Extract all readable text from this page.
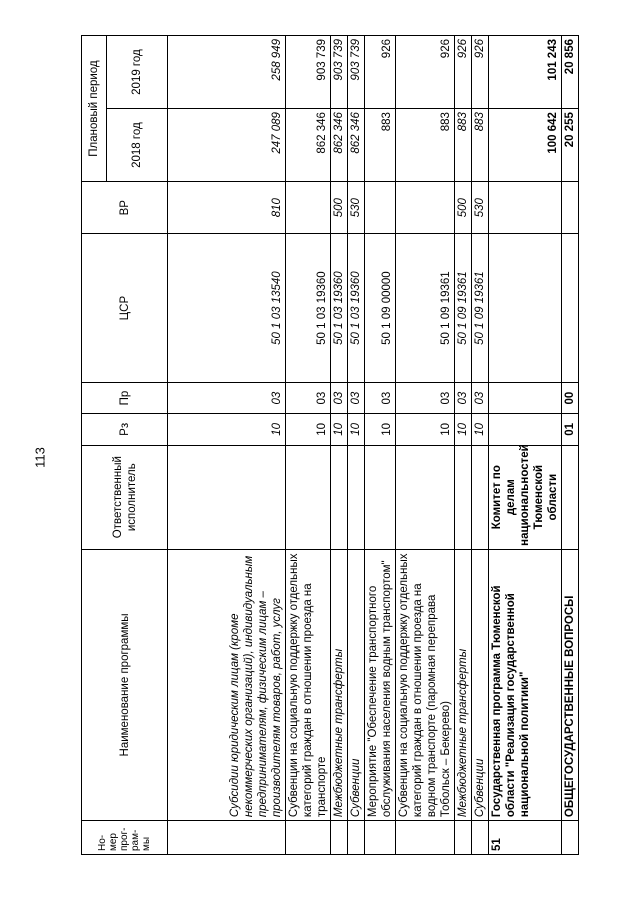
113
Но-
мер
прог-
рам-
мы	Наименование программы	Ответственный исполнитель	Рз	Пр	ЦСР	ВР	Плановый период	
							2018 год	2019 год
	Субсидии юридическим лицам (кроме некоммерческих организаций), индивидуальным предпринимателям, физическим лицам – производителям товаров, работ, услуг		10	03	50 1 03 13540	810	247 089	258 949
	Субвенции на социальную поддержку отдельных категорий граждан в отношении проезда на транспорте		10	03	50 1 03 19360		862 346	903 739
	Межбюджетные трансферты		10	03	50 1 03 19360	500	862 346	903 739
	Субвенции		10	03	50 1 03 19360	530	862 346	903 739
	Мероприятие "Обеспечение транспортного обслуживания населения водным транспортом"		10	03	50 1 09 00000		883	926
	Субвенции на социальную поддержку отдельных категорий граждан в отношении проезда на водном транспорте (паромная переправа Тобольск – Бекерево)		10	03	50 1 09 19361		883	926
	Межбюджетные трансферты		10	03	50 1 09 19361	500	883	926
	Субвенции		10	03	50 1 09 19361	530	883	926
51	Государственная программа Тюменской области "Реализация государственной национальной политики"	Комитет по делам национальностей Тюменской области					100 642	101 243
	ОБЩЕГОСУДАРСТВЕННЫЕ ВОПРОСЫ		01	00			20 255	20 856
